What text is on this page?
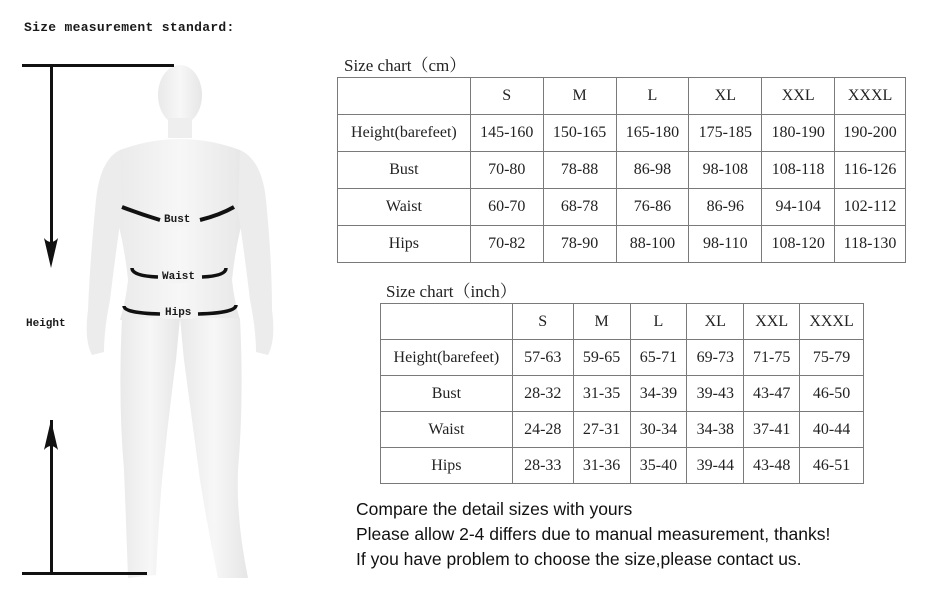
Size measurement standard:
Bust
Waist
Hips
Height
Size chart（cm）
	S	M	L	XL	XXL	XXXL
Height(barefeet)	145-160	150-165	165-180	175-185	180-190	190-200
Bust	70-80	78-88	86-98	98-108	108-118	116-126
Waist	60-70	68-78	76-86	86-96	94-104	102-112
Hips	70-82	78-90	88-100	98-110	108-120	118-130
Size chart（inch）
	S	M	L	XL	XXL	XXXL
Height(barefeet)	57-63	59-65	65-71	69-73	71-75	75-79
Bust	28-32	31-35	34-39	39-43	43-47	46-50
Waist	24-28	27-31	30-34	34-38	37-41	40-44
Hips	28-33	31-36	35-40	39-44	43-48	46-51
Compare the detail sizes with yours
Please allow 2-4 differs due to manual measurement, thanks!
If you have problem to choose the size,please contact us.
